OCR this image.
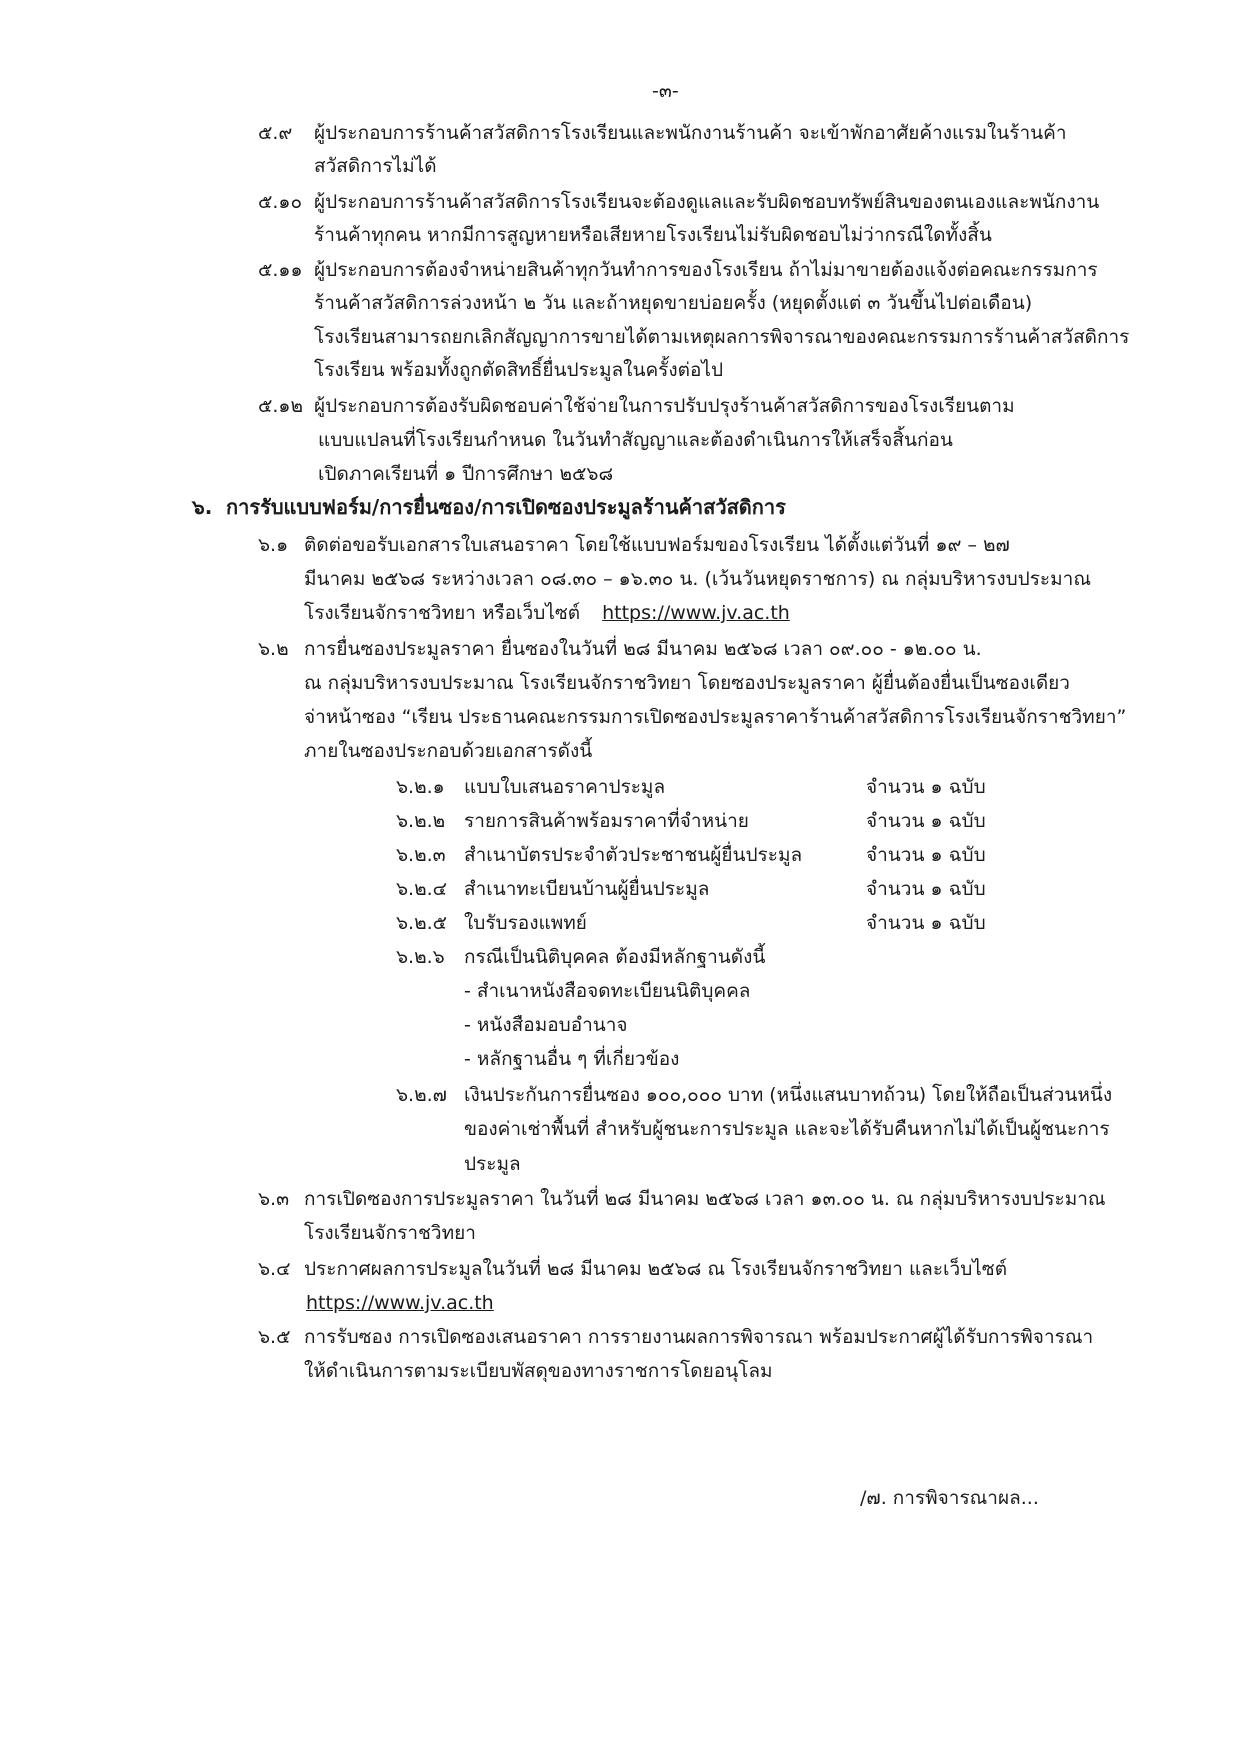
-๓-
๕.๙ ผู้ประกอบการร้านค้าสวัสดิการโรงเรียนและพนักงานร้านค้า จะเข้าพักอาศัยค้างแรมในร้านค้า
สวัสดิการไม่ได้
๕.๑๐ ผู้ประกอบการร้านค้าสวัสดิการโรงเรียนจะต้องดูแลและรับผิดชอบทรัพย์สินของตนเองและพนักงาน
ร้านค้าทุกคน หากมีการสูญหายหรือเสียหายโรงเรียนไม่รับผิดชอบไม่ว่ากรณีใดทั้งสิ้น
๕.๑๑ ผู้ประกอบการต้องจำหน่ายสินค้าทุกวันทำการของโรงเรียน ถ้าไม่มาขายต้องแจ้งต่อคณะกรรมการ
ร้านค้าสวัสดิการล่วงหน้า ๒ วัน และถ้าหยุดขายบ่อยครั้ง (หยุดตั้งแต่ ๓ วันขึ้นไปต่อเดือน)
โรงเรียนสามารถยกเลิกสัญญาการขายได้ตามเหตุผลการพิจารณาของคณะกรรมการร้านค้าสวัสดิการ
โรงเรียน พร้อมทั้งถูกตัดสิทธิ์ยื่นประมูลในครั้งต่อไป
๕.๑๒ ผู้ประกอบการต้องรับผิดชอบค่าใช้จ่ายในการปรับปรุงร้านค้าสวัสดิการของโรงเรียนตาม
แบบแปลนที่โรงเรียนกำหนด ในวันทำสัญญาและต้องดำเนินการให้เสร็จสิ้นก่อน
เปิดภาคเรียนที่ ๑ ปีการศึกษา ๒๕๖๘
๖. การรับแบบฟอร์ม/การยื่นซอง/การเปิดซองประมูลร้านค้าสวัสดิการ
๖.๑ ติดต่อขอรับเอกสารใบเสนอราคา โดยใช้แบบฟอร์มของโรงเรียน ได้ตั้งแต่วันที่ ๑๙ – ๒๗
มีนาคม ๒๕๖๘ ระหว่างเวลา ๐๘.๓๐ – ๑๖.๓๐ น. (เว้นวันหยุดราชการ) ณ กลุ่มบริหารงบประมาณ
โรงเรียนจักราชวิทยา หรือเว็บไซต์ https://www.jv.ac.th
๖.๒ การยื่นซองประมูลราคา ยื่นซองในวันที่ ๒๘ มีนาคม ๒๕๖๘ เวลา ๐๙.๐๐ - ๑๒.๐๐ น.
ณ กลุ่มบริหารงบประมาณ โรงเรียนจักราชวิทยา โดยซองประมูลราคา ผู้ยื่นต้องยื่นเป็นซองเดียว
จ่าหน้าซอง “เรียน ประธานคณะกรรมการเปิดซองประมูลราคาร้านค้าสวัสดิการโรงเรียนจักราชวิทยา”
ภายในซองประกอบด้วยเอกสารดังนี้
๖.๒.๑ แบบใบเสนอราคาประมูล	จำนวน ๑ ฉบับ
๖.๒.๒ รายการสินค้าพร้อมราคาที่จำหน่าย	จำนวน ๑ ฉบับ
๖.๒.๓ สำเนาบัตรประจำตัวประชาชนผู้ยื่นประมูล	จำนวน ๑ ฉบับ
๖.๒.๔ สำเนาทะเบียนบ้านผู้ยื่นประมูล	จำนวน ๑ ฉบับ
๖.๒.๕ ใบรับรองแพทย์	จำนวน ๑ ฉบับ
๖.๒.๖ กรณีเป็นนิติบุคคล ต้องมีหลักฐานดังนี้
- สำเนาหนังสือจดทะเบียนนิติบุคคล
- หนังสือมอบอำนาจ
- หลักฐานอื่น ๆ ที่เกี่ยวข้อง
๖.๒.๗ เงินประกันการยื่นซอง ๑๐๐,๐๐๐ บาท (หนึ่งแสนบาทถ้วน) โดยให้ถือเป็นส่วนหนึ่ง
ของค่าเช่าพื้นที่ สำหรับผู้ชนะการประมูล และจะได้รับคืนหากไม่ได้เป็นผู้ชนะการ
ประมูล
๖.๓ การเปิดซองการประมูลราคา ในวันที่ ๒๘ มีนาคม ๒๕๖๘ เวลา ๑๓.๐๐ น. ณ กลุ่มบริหารงบประมาณ
โรงเรียนจักราชวิทยา
๖.๔ ประกาศผลการประมูลในวันที่ ๒๘ มีนาคม ๒๕๖๘ ณ โรงเรียนจักราชวิทยา และเว็บไซต์
https://www.jv.ac.th
๖.๕ การรับซอง การเปิดซองเสนอราคา การรายงานผลการพิจารณา พร้อมประกาศผู้ได้รับการพิจารณา
ให้ดำเนินการตามระเบียบพัสดุของทางราชการโดยอนุโลม
/๗. การพิจารณาผล...
